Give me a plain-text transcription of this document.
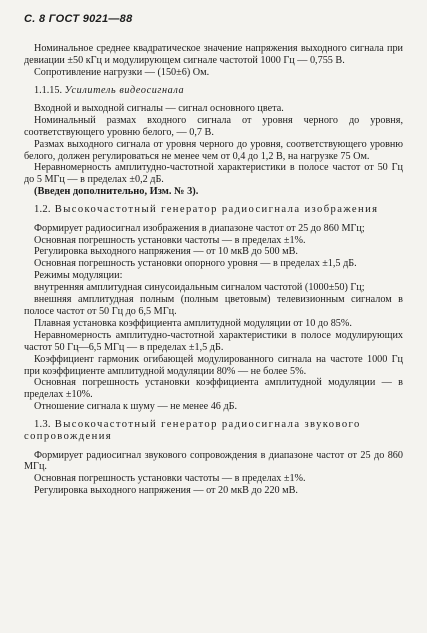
С. 8 ГОСТ 9021—88

Номинальное среднее квадратическое значение напряжения выходного сигнала при девиации ±50 кГц и модулирующем сигнале частотой 1000 Гц — 0,755 В.

Сопротивление нагрузки — (150±6) Ом.

1.1.15. Усилитель видеосигнала

Входной и выходной сигналы — сигнал основного цвета.

Номинальный размах входного сигнала от уровня черного до уровня, соответствующего уровню белого, — 0,7 В.

Размах выходного сигнала от уровня черного до уровня, соответствующего уровню белого, должен регулироваться не менее чем от 0,4 до 1,2 В, на нагрузке 75 Ом.

Неравномерность амплитудно-частотной характеристики в полосе частот от 50 Гц до 5 МГц — в пределах ±0,2 дБ.

(Введен дополнительно, Изм. № 3).

1.2. Высокочастотный генератор радиосигнала изображения

Формирует радиосигнал изображения в диапазоне частот от 25 до 860 МГц;

Основная погрешность установки частоты — в пределах ±1%.

Регулировка выходного напряжения — от 10 мкВ до 500 мВ.

Основная погрешность установки опорного уровня — в пределах ±1,5 дБ.

Режимы модуляции:

внутренняя амплитудная синусоидальным сигналом частотой (1000±50) Гц;

внешняя амплитудная полным (полным цветовым) телевизионным сигналом в полосе частот от 50 Гц до 6,5 МГц.

Плавная установка коэффициента амплитудной модуляции от 10 до 85%.

Неравномерность амплитудно-частотной характеристики в полосе модулирующих частот 50 Гц—6,5 МГц — в пределах ±1,5 дБ.

Коэффициент гармоник огибающей модулированного сигнала на частоте 1000 Гц при коэффициенте амплитудной модуляции 80% — не более 5%.

Основная погрешность установки коэффициента амплитудной модуляции — в пределах ±10%.

Отношение сигнала к шуму — не менее 46 дБ.

1.3. Высокочастотный генератор радиосигнала звукового сопровождения

Формирует радиосигнал звукового сопровождения в диапазоне частот от 25 до 860 МГц.

Основная погрешность установки частоты — в пределах ±1%.

Регулировка выходного напряжения — от 20 мкВ до 220 мВ.
